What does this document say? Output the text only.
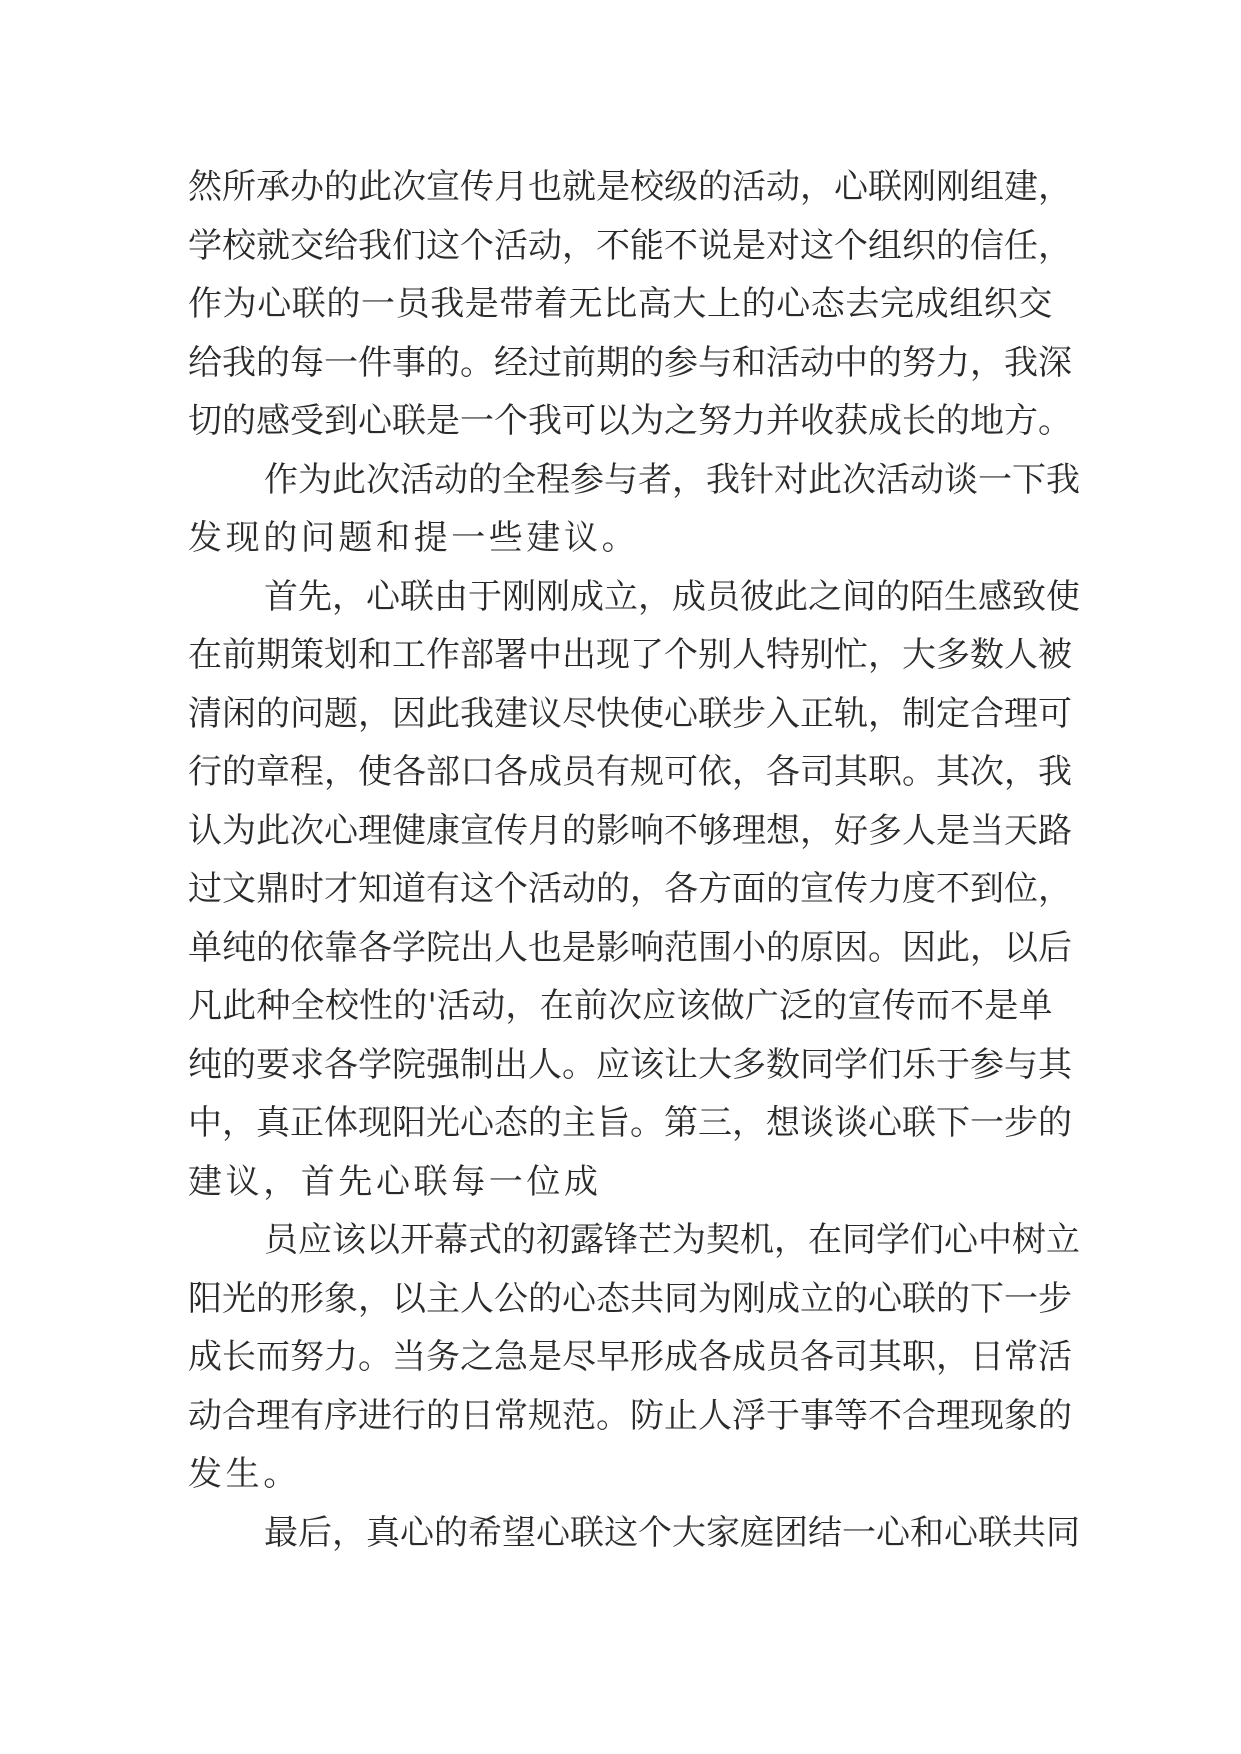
然所承办的此次宣传月也就是校级的活动，心联刚刚组建，
学校就交给我们这个活动，不能不说是对这个组织的信任，
作为心联的一员我是带着无比高大上的心态去完成组织交
给我的每一件事的。经过前期的参与和活动中的努力，我深
切的感受到心联是一个我可以为之努力并收获成长的地方。
作为此次活动的全程参与者，我针对此次活动谈一下我
发现的问题和提一些建议。
首先，心联由于刚刚成立，成员彼此之间的陌生感致使
在前期策划和工作部署中出现了个别人特别忙，大多数人被
清闲的问题，因此我建议尽快使心联步入正轨，制定合理可
行的章程，使各部口各成员有规可依，各司其职。其次，我
认为此次心理健康宣传月的影响不够理想，好多人是当天路
过文鼎时才知道有这个活动的，各方面的宣传力度不到位，
单纯的依靠各学院出人也是影响范围小的原因。因此，以后
凡此种全校性的'活动，在前次应该做广泛的宣传而不是单
纯的要求各学院强制出人。应该让大多数同学们乐于参与其
中，真正体现阳光心态的主旨。第三，想谈谈心联下一步的
建议，首先心联每一位成
员应该以开幕式的初露锋芒为契机，在同学们心中树立
阳光的形象，以主人公的心态共同为刚成立的心联的下一步
成长而努力。当务之急是尽早形成各成员各司其职，日常活
动合理有序进行的日常规范。防止人浮于事等不合理现象的
发生。
最后，真心的希望心联这个大家庭团结一心和心联共同
